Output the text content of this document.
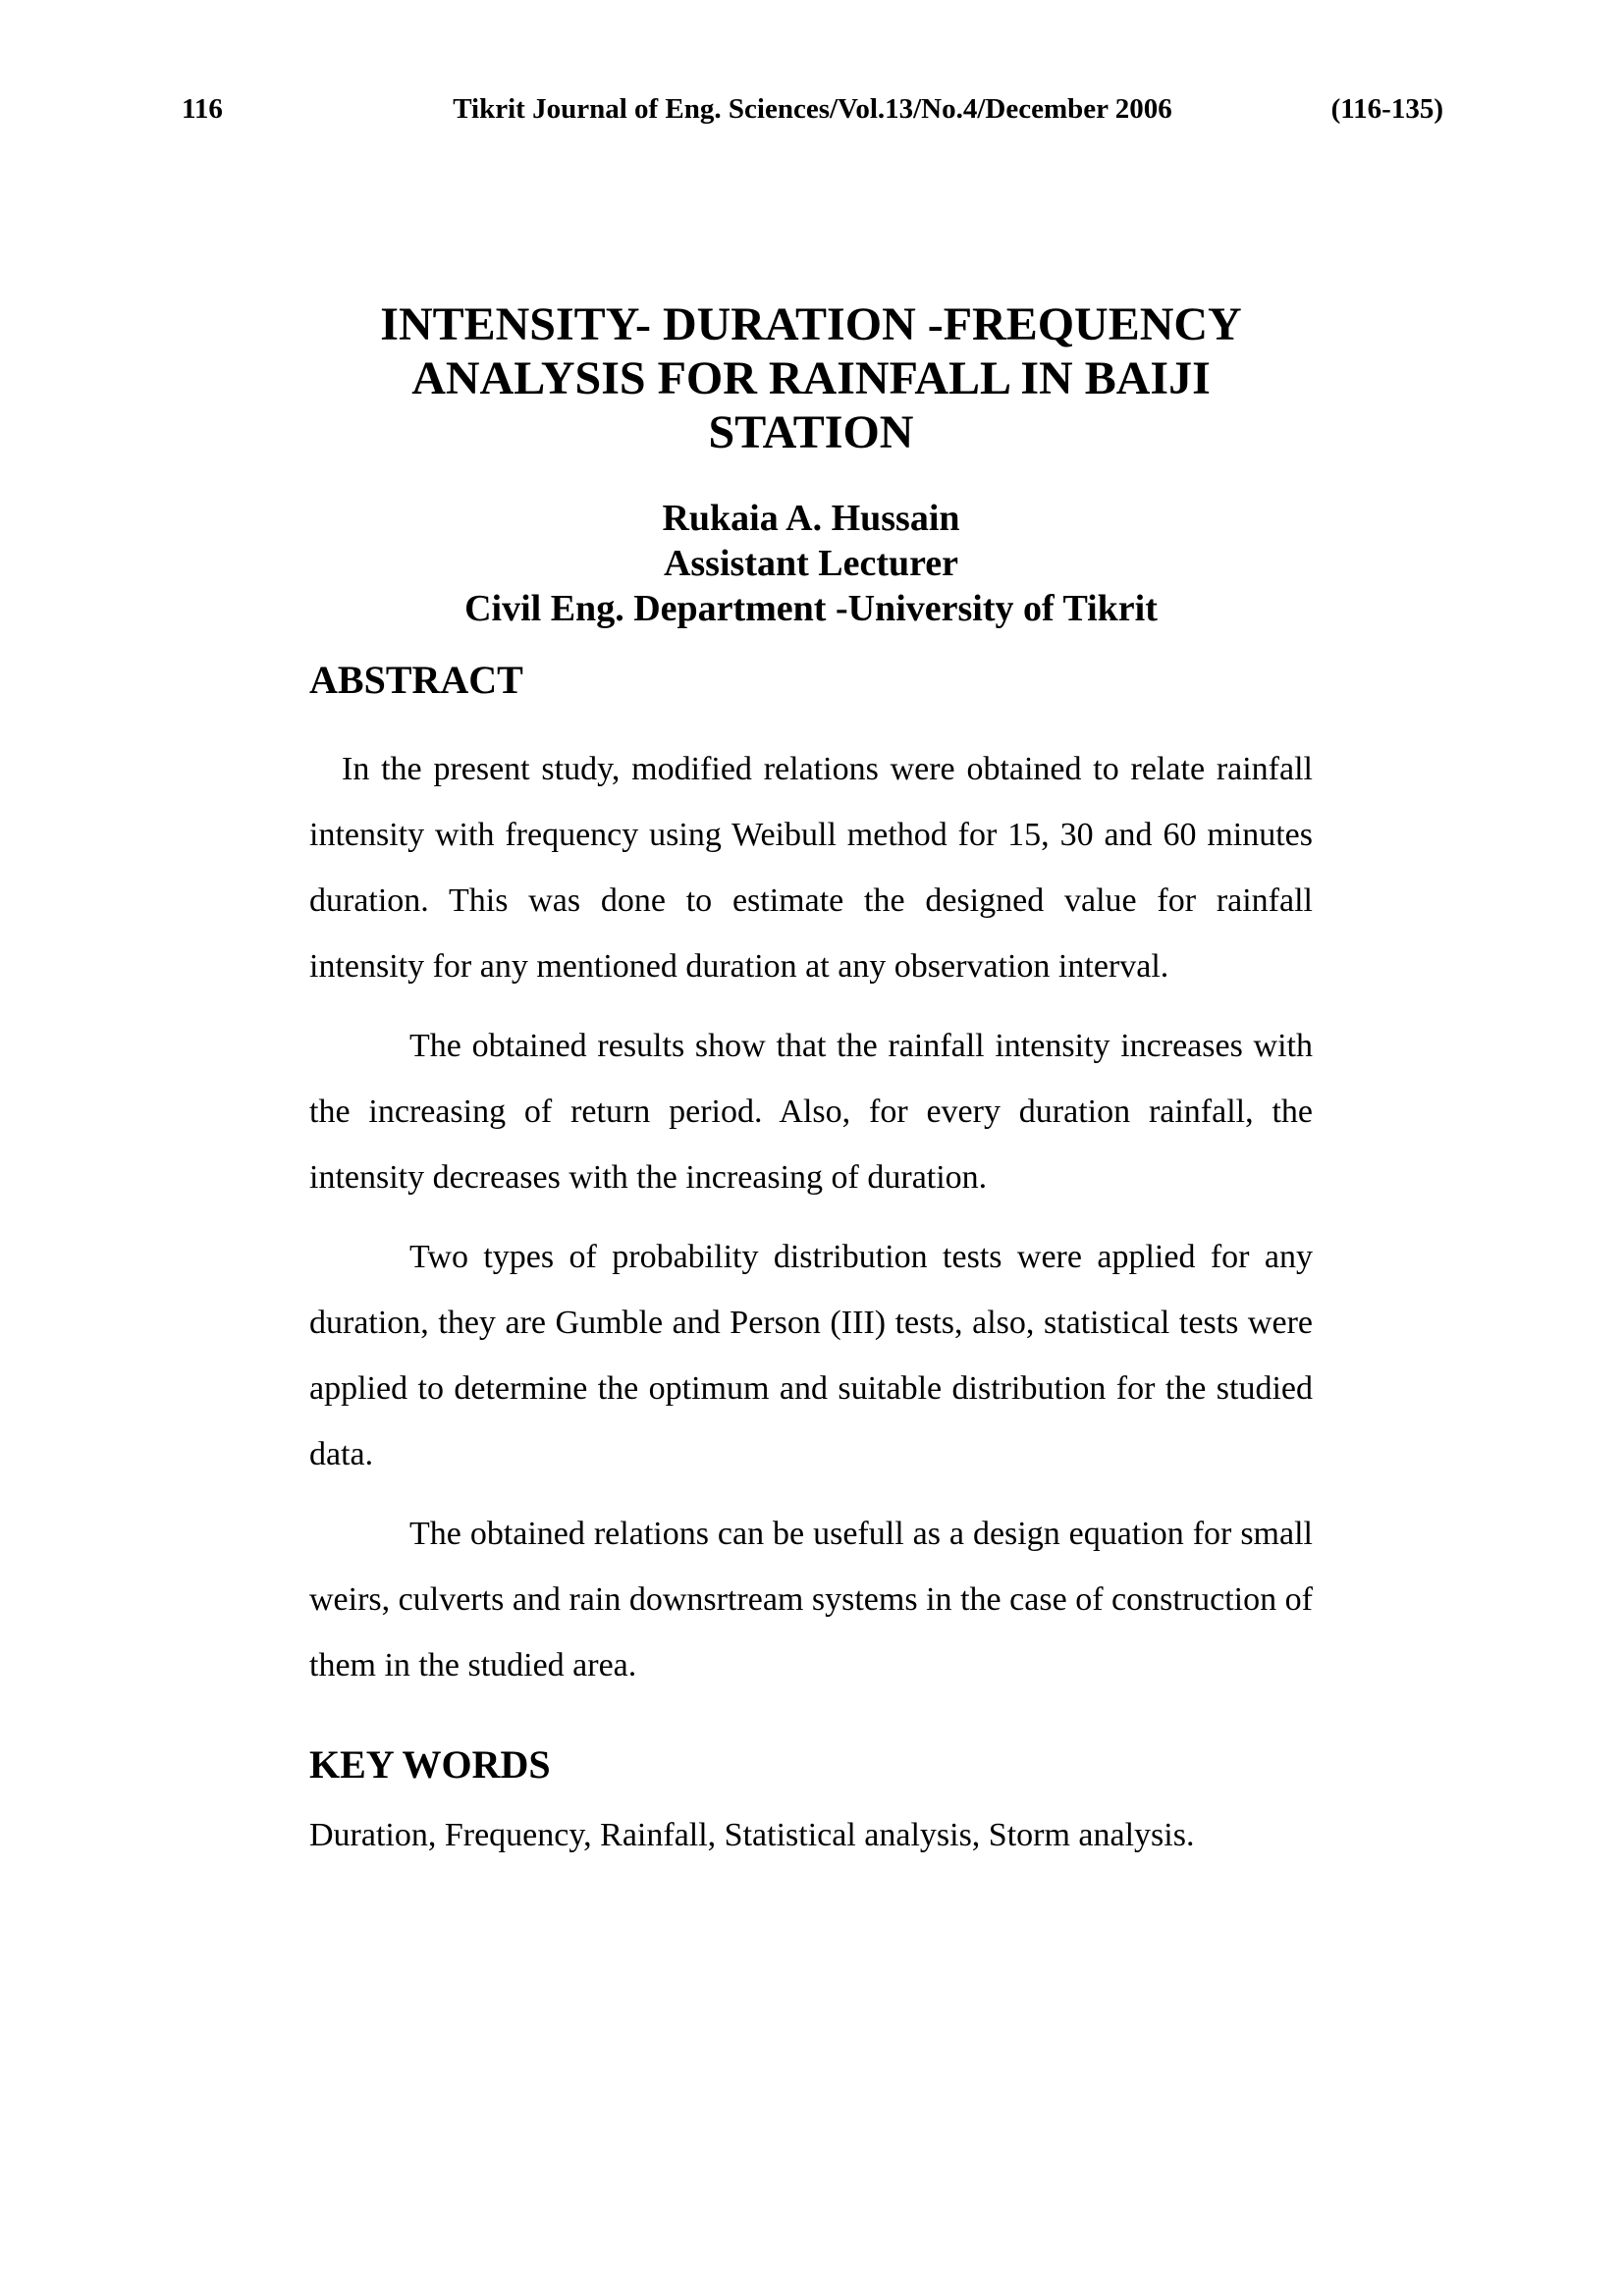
116	Tikrit Journal of Eng. Sciences/Vol.13/No.4/December 2006	(116-135)
INTENSITY- DURATION -FREQUENCY
ANALYSIS FOR RAINFALL IN BAIJI STATION
Rukaia A. Hussain
Assistant Lecturer
Civil Eng. Department -University of Tikrit
ABSTRACT

In the present study, modified relations were obtained to relate rainfall intensity with frequency using Weibull method for 15, 30 and 60 minutes duration. This was done to estimate the designed value for rainfall intensity for any mentioned duration at any observation interval.

The obtained results show that the rainfall intensity increases with the increasing of return period. Also, for every duration rainfall, the intensity decreases with the increasing of duration.

Two types of probability distribution tests were applied for any duration, they are Gumble and Person (III) tests, also, statistical tests were applied to determine the optimum and suitable distribution for the studied data.

The obtained relations can be usefull as a design equation for small weirs, culverts and rain downsrtream systems in the case of construction of them in the studied area.

KEY WORDS

Duration, Frequency, Rainfall, Statistical analysis, Storm analysis.
